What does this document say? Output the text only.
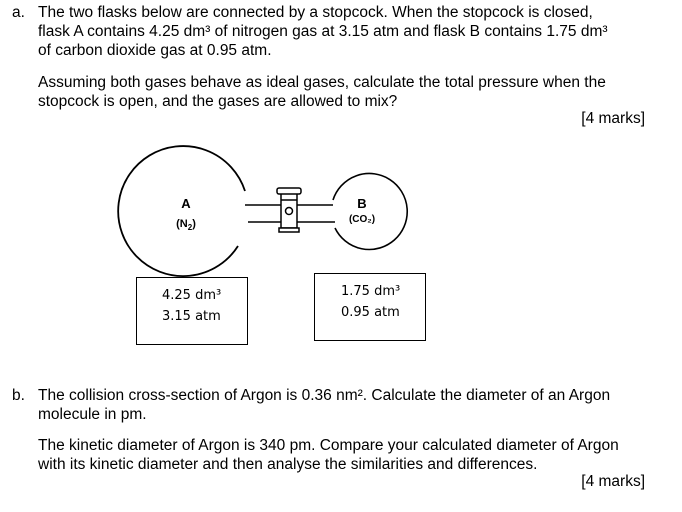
a. The two flasks below are connected by a stopcock. When the stopcock is closed,
flask A contains 4.25 dm³ of nitrogen gas at 3.15 atm and flask B contains 1.75 dm³
of carbon dioxide gas at 0.95 atm.
Assuming both gases behave as ideal gases, calculate the total pressure when the
stopcock is open, and the gases are allowed to mix?
[4 marks]
A
$(N_2)$
B
(CO₂)
4.25 dm³
3.15 atm
1.75 dm³
0.95 atm
b. The collision cross-section of Argon is 0.36 nm². Calculate the diameter of an Argon
molecule in pm.
The kinetic diameter of Argon is 340 pm. Compare your calculated diameter of Argon
with its kinetic diameter and then analyse the similarities and differences.
[4 marks]
